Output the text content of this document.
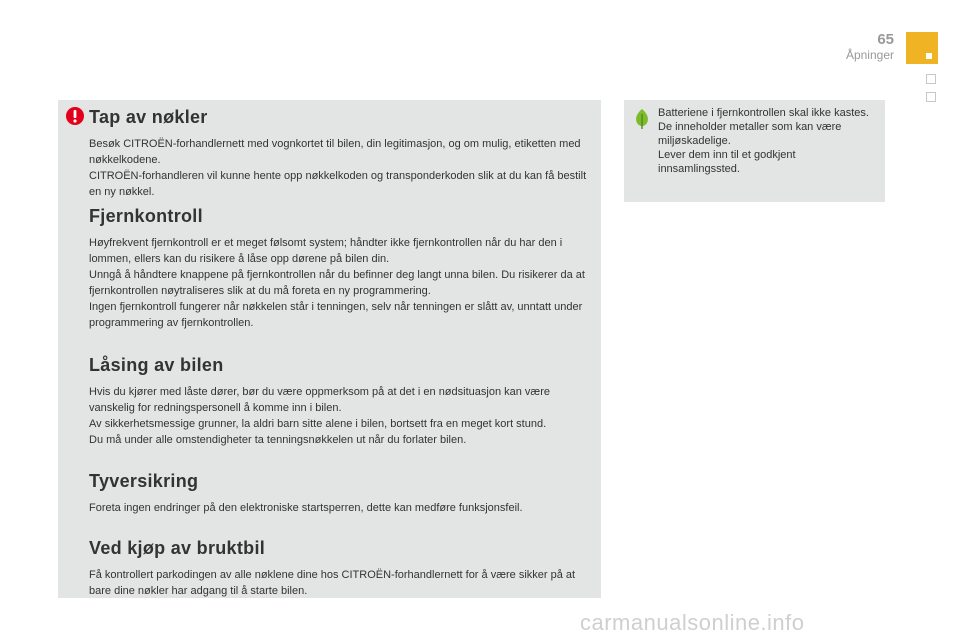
65
Åpninger
Tap av nøkler

Besøk CITROËN-forhandlernett med vognkortet til bilen, din legitimasjon, og om mulig, etiketten med nøkkelkodene.
CITROËN-forhandleren vil kunne hente opp nøkkelkoden og transponderkoden slik at du kan få bestilt en ny nøkkel.

Fjernkontroll

Høyfrekvent fjernkontroll er et meget følsomt system; håndter ikke fjernkontrollen når du har den i lommen, ellers kan du risikere å låse opp dørene på bilen din.
Unngå å håndtere knappene på fjernkontrollen når du befinner deg langt unna bilen. Du risikerer da at fjernkontrollen nøytraliseres slik at du må foreta en ny programmering.
Ingen fjernkontroll fungerer når nøkkelen står i tenningen, selv når tenningen er slått av, unntatt under programmering av fjernkontrollen.

Låsing av bilen

Hvis du kjører med låste dører, bør du være oppmerksom på at det i en nødsituasjon kan være vanskelig for redningspersonell å komme inn i bilen.
Av sikkerhetsmessige grunner, la aldri barn sitte alene i bilen, bortsett fra en meget kort stund.
Du må under alle omstendigheter ta tenningsnøkkelen ut når du forlater bilen.

Tyversikring

Foreta ingen endringer på den elektroniske startsperren, dette kan medføre funksjonsfeil.

Ved kjøp av bruktbil

Få kontrollert parkodingen av alle nøklene dine hos CITROËN-forhandlernett for å være sikker på at bare dine nøkler har adgang til å starte bilen.

Batteriene i fjernkontrollen skal ikke kastes. De inneholder metaller som kan være miljøskadelige.
Lever dem inn til et godkjent innsamlingssted.

carmanualsonline.info
